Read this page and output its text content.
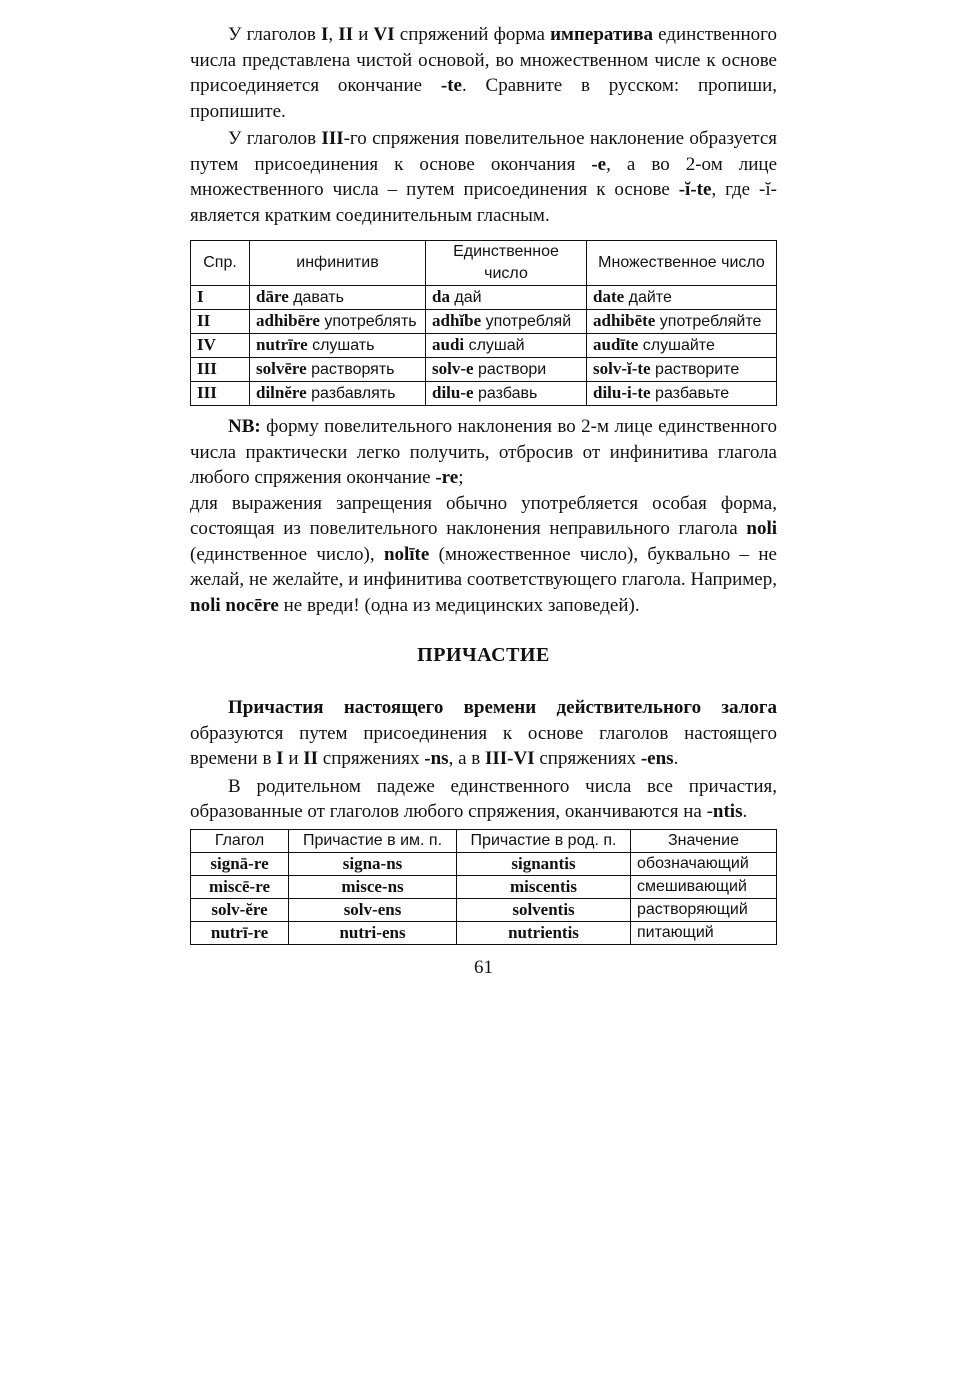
У глаголов I, II и VI спряжений форма императива единственного числа представлена чистой основой, во множественном числе к основе присоединяется окончание -te. Сравните в русском: пропиши, пропишите.

У глаголов III-го спряжения повелительное наклонение образуется путем присоединения к основе окончания -e, а во 2-ом лице множественного числа – путем присоединения к основе -ĭ-te, где -ĭ- является кратким соединительным гласным.

Спр.	инфинитив	Единственное число	Множественное число
I	dāre давать	da дай	date дайте
II	adhibēre употреблять	adhĭbe употребляй	adhibēte употребляйте
IV	nutrīre слушать	audi слушай	audīte слушайте
III	solvēre растворять	solv-e раствори	solv-ĭ-te растворите
III	dilnĕre разбавлять	dilu-e разбавь	dilu-i-te разбавьте

NB: форму повелительного наклонения во 2-м лице единственного числа практически легко получить, отбросив от инфинитива глагола любого спряжения окончание -re;

для выражения запрещения обычно употребляется особая форма, состоящая из повелительного наклонения неправильного глагола noli (единственное число), nolīte (множественное число), буквально – не желай, не желайте, и инфинитива соответствующего глагола. Например, noli nocēre не вреди! (одна из медицинских заповедей).

ПРИЧАСТИЕ

Причастия настоящего времени действительного залога образуются путем присоединения к основе глаголов настоящего времени в I и II спряжениях -ns, а в III-VI спряжениях -ens.

В родительном падеже единственного числа все причастия, образованные от глаголов любого спряжения, оканчиваются на -ntis.

Глагол	Причастие в им. п.	Причастие в род. п.	Значение
signā-re	signa-ns	signantis	обозначающий
miscē-re	misce-ns	miscentis	смешивающий
solv-ĕre	solv-ens	solventis	растворяющий
nutrī-re	nutri-ens	nutrientis	питающий
61
